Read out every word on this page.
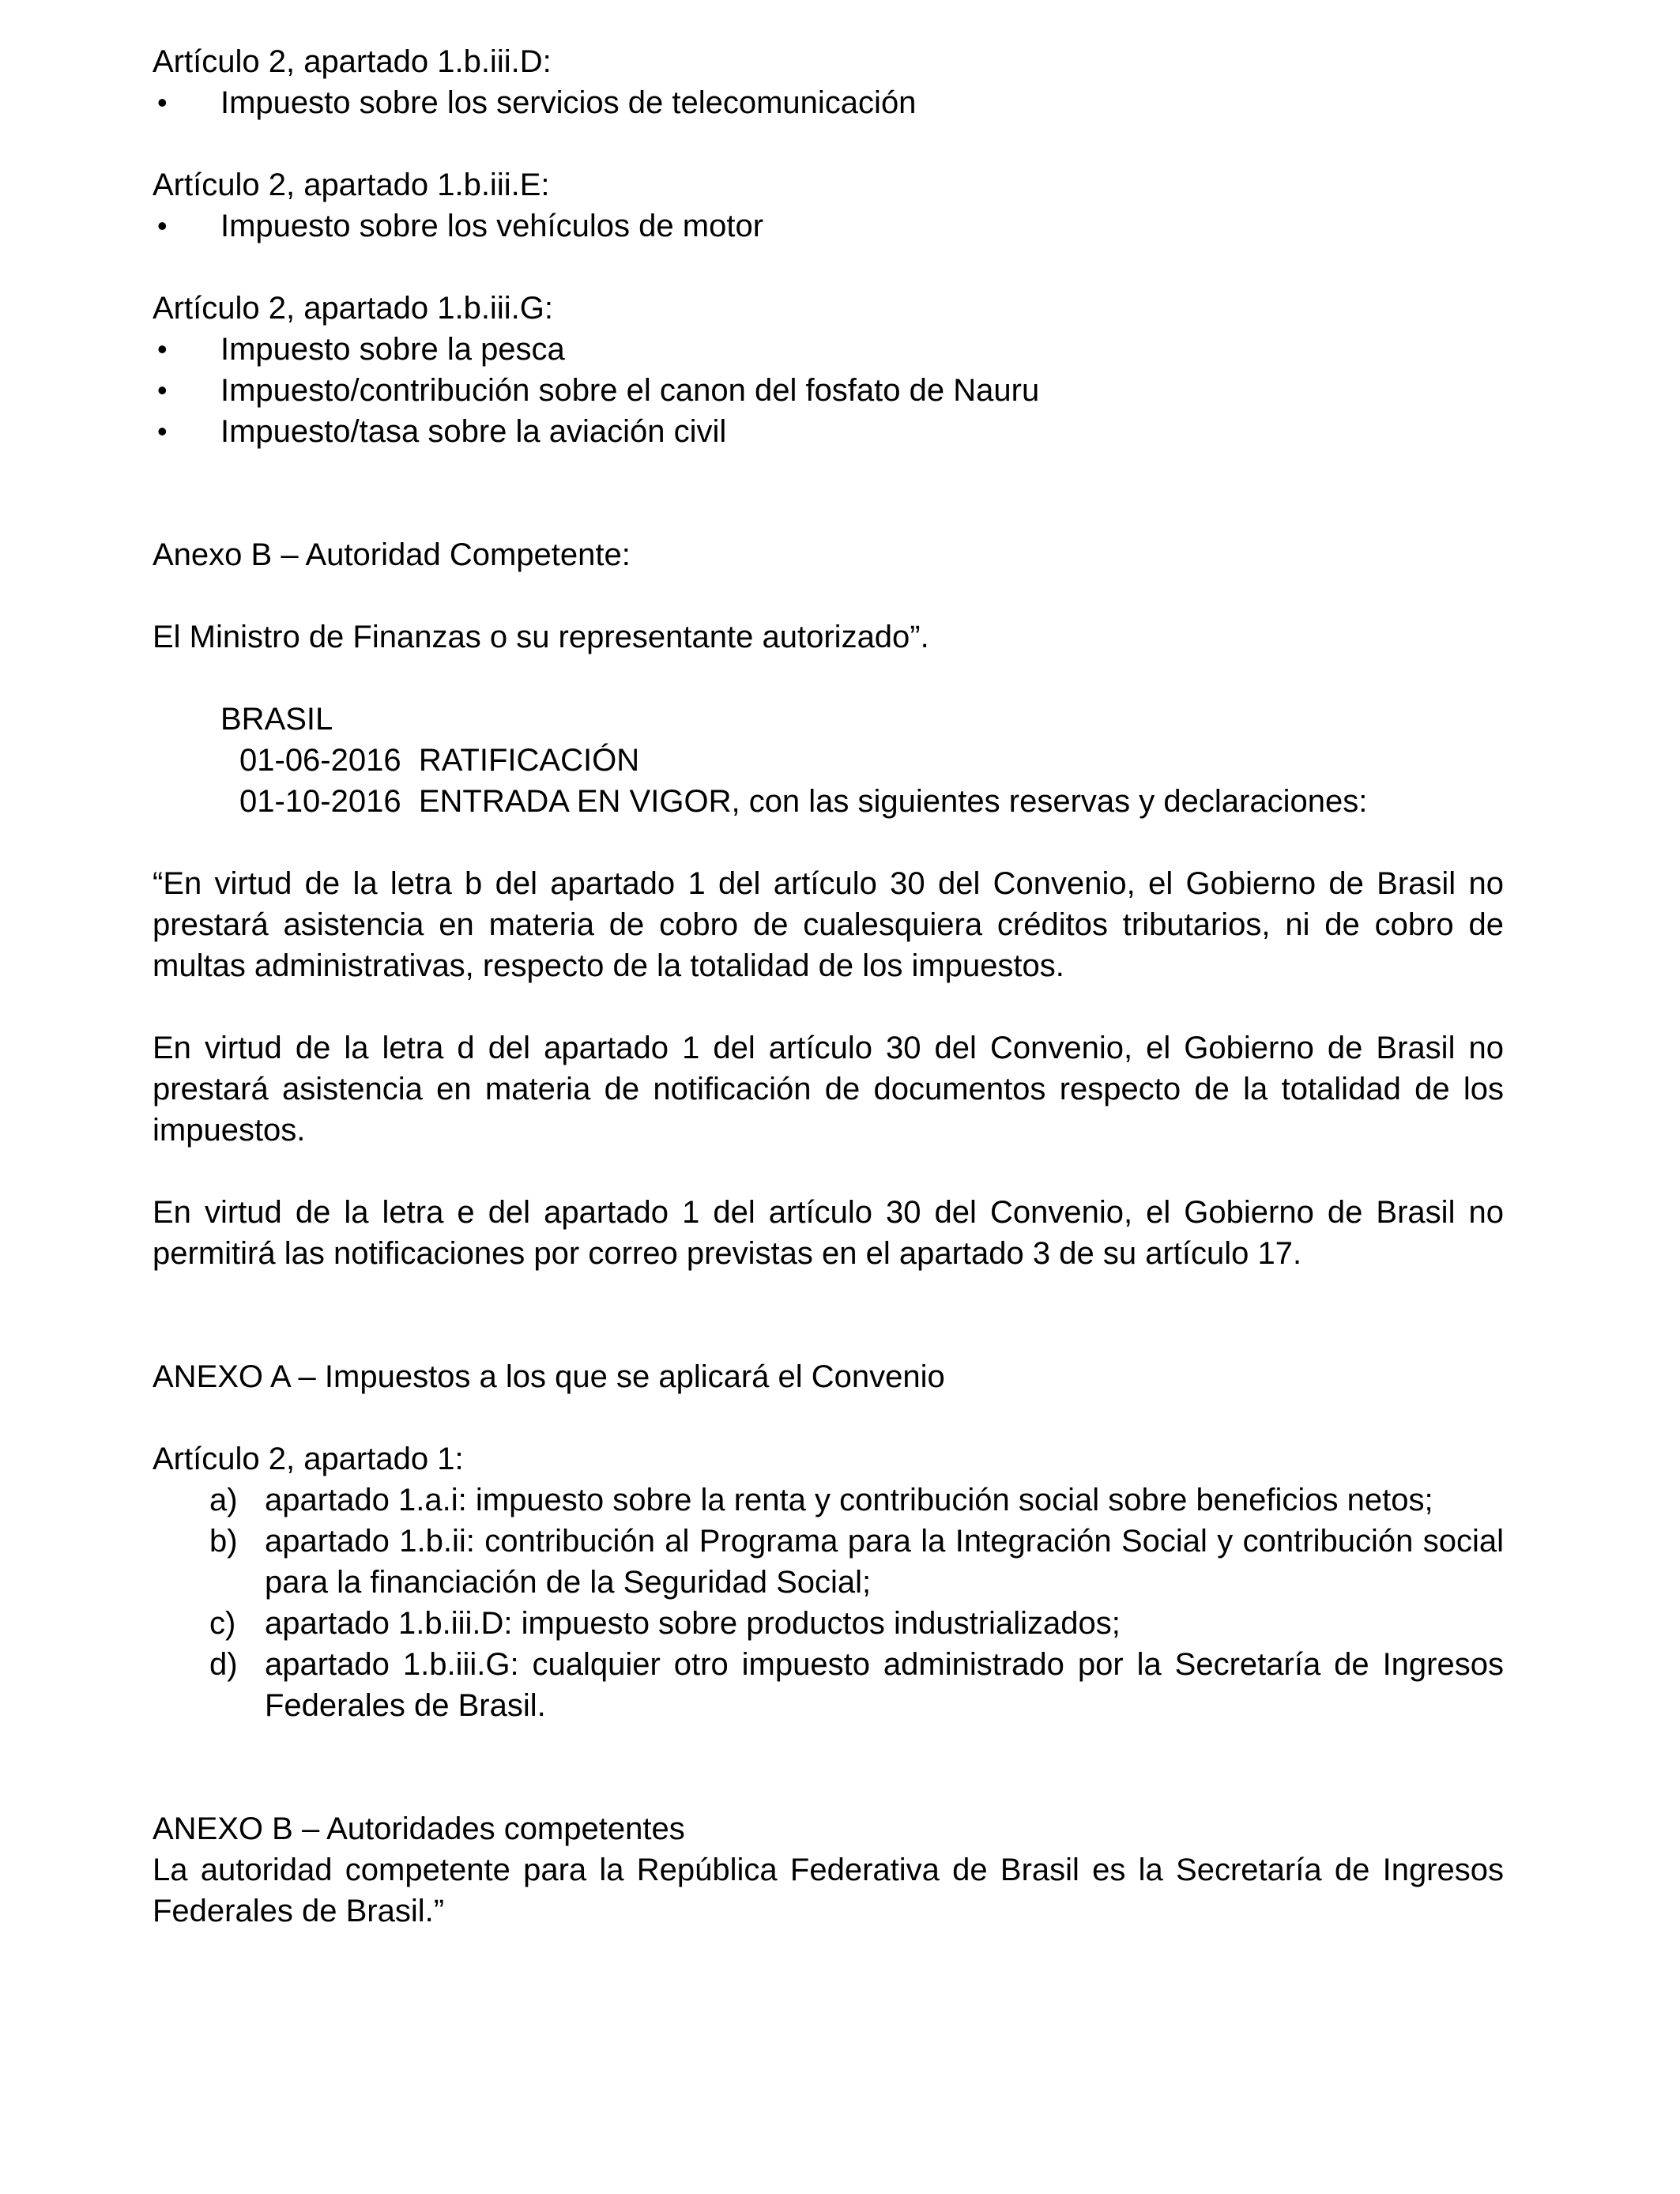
Artículo 2, apartado 1.b.iii.D:
•	Impuesto sobre los servicios de telecomunicación
Artículo 2, apartado 1.b.iii.E:
•	Impuesto sobre los vehículos de motor
Artículo 2, apartado 1.b.iii.G:
•	Impuesto sobre la pesca
•	Impuesto/contribución sobre el canon del fosfato de Nauru
•	Impuesto/tasa sobre la aviación civil
Anexo B – Autoridad Competente:
El Ministro de Finanzas o su representante autorizado”.
BRASIL
01-06-2016  RATIFICACIÓN
01-10-2016  ENTRADA EN VIGOR, con las siguientes reservas y declaraciones:

“En virtud de la letra b del apartado 1 del artículo 30 del Convenio, el Gobierno de Brasil no prestará asistencia en materia de cobro de cualesquiera créditos tributarios, ni de cobro de multas administrativas, respecto de la totalidad de los impuestos.

En virtud de la letra d del apartado 1 del artículo 30 del Convenio, el Gobierno de Brasil no prestará asistencia en materia de notificación de documentos respecto de la totalidad de los impuestos.

En virtud de la letra e del apartado 1 del artículo 30 del Convenio, el Gobierno de Brasil no permitirá las notificaciones por correo previstas en el apartado 3 de su artículo 17.

ANEXO A – Impuestos a los que se aplicará el Convenio
Artículo 2, apartado 1:
a) apartado 1.a.i: impuesto sobre la renta y contribución social sobre beneficios netos;
b) apartado 1.b.ii: contribución al Programa para la Integración Social y contribución social para la financiación de la Seguridad Social;
c) apartado 1.b.iii.D: impuesto sobre productos industrializados;
d) apartado 1.b.iii.G: cualquier otro impuesto administrado por la Secretaría de Ingresos Federales de Brasil.
ANEXO B – Autoridades competentes

La autoridad competente para la República Federativa de Brasil es la Secretaría de Ingresos Federales de Brasil.”
